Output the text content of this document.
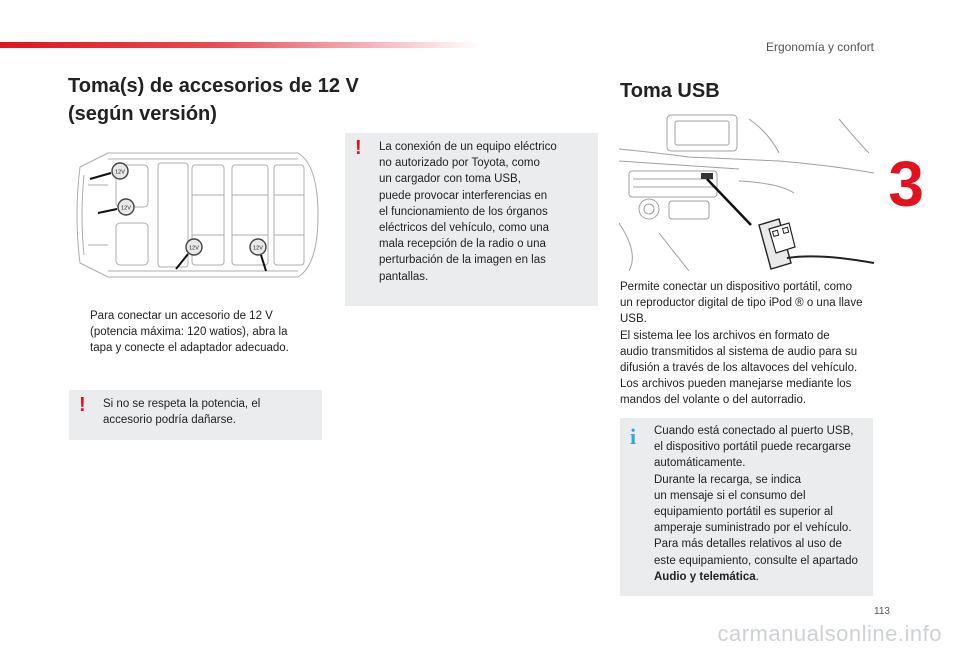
Ergonomía y confort
3
Toma(s) de accesorios de 12 V
(según versión)
12V
12V
12V	12V
Para conectar un accesorio de 12 V
(potencia máxima: 120 watios), abra la
tapa y conecte el adaptador adecuado.
! Si no se respeta la potencia, el
accesorio podría dañarse.
! La conexión de un equipo eléctrico
no autorizado por Toyota, como
un cargador con toma USB,
puede provocar interferencias en
el funcionamiento de los órganos
eléctricos del vehículo, como una
mala recepción de la radio o una
perturbación de la imagen en las
pantallas.
Toma USB
Permite conectar un dispositivo portátil, como
un reproductor digital de tipo iPod ® o una llave
USB.
El sistema lee los archivos en formato de
audio transmitidos al sistema de audio para su
difusión a través de los altavoces del vehículo.
Los archivos pueden manejarse mediante los
mandos del volante o del autorradio.
i	Cuando está conectado al puerto USB,
el dispositivo portátil puede recargarse
automáticamente.
Durante la recarga, se indica
un mensaje si el consumo del
equipamiento portátil es superior al
amperaje suministrado por el vehículo.
Para más detalles relativos al uso de
este equipamiento, consulte el apartado
Audio y telemática.
113
carmanualsonline.info
